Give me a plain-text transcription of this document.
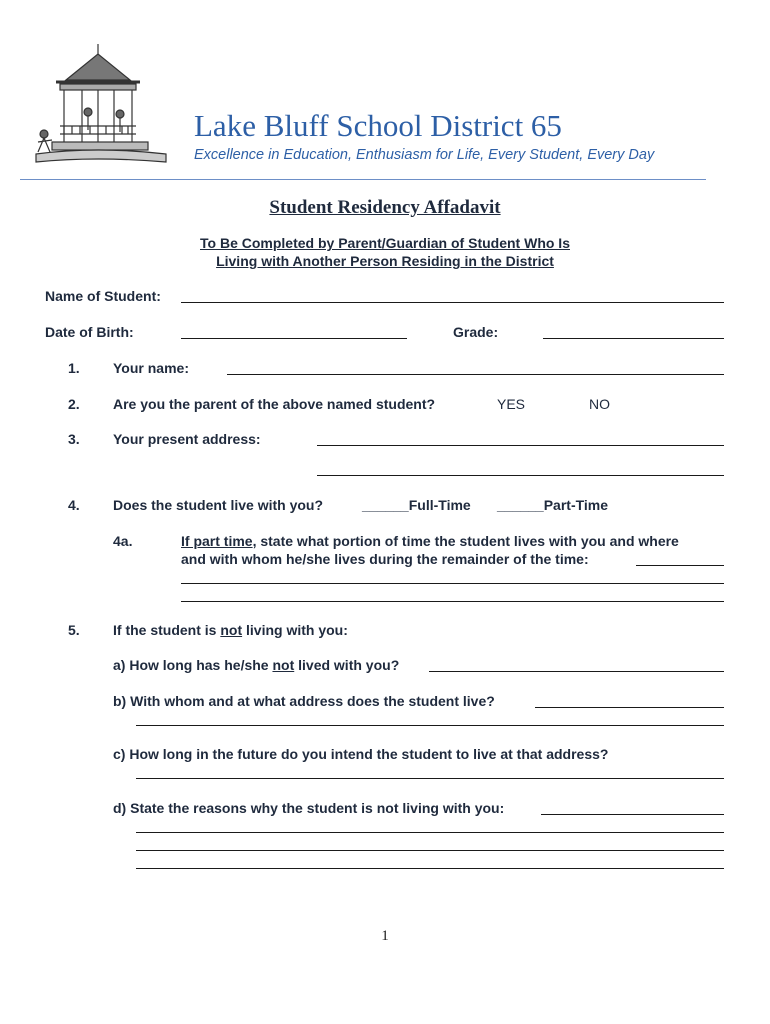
Lake Bluff School District 65
Excellence in Education, Enthusiasm for Life, Every Student, Every Day
Student Residency Affadavit
To Be Completed by Parent/Guardian of Student Who Is
Living with Another Person Residing in the District
Name of Student:
Date of Birth:	Grade:
1. Your name:
2. Are you the parent of the above named student?	YES	NO
3. Your present address:
4. Does the student live with you?	______Full-Time ______Part-Time
4a.	If part time, state what portion of time the student lives with you and where
and with whom he/she lives during the remainder of the time:
5. If the student is not living with you:
a) How long has he/she not lived with you?
b) With whom and at what address does the student live?
c) How long in the future do you intend the student to live at that address?
d) State the reasons why the student is not living with you:
1
